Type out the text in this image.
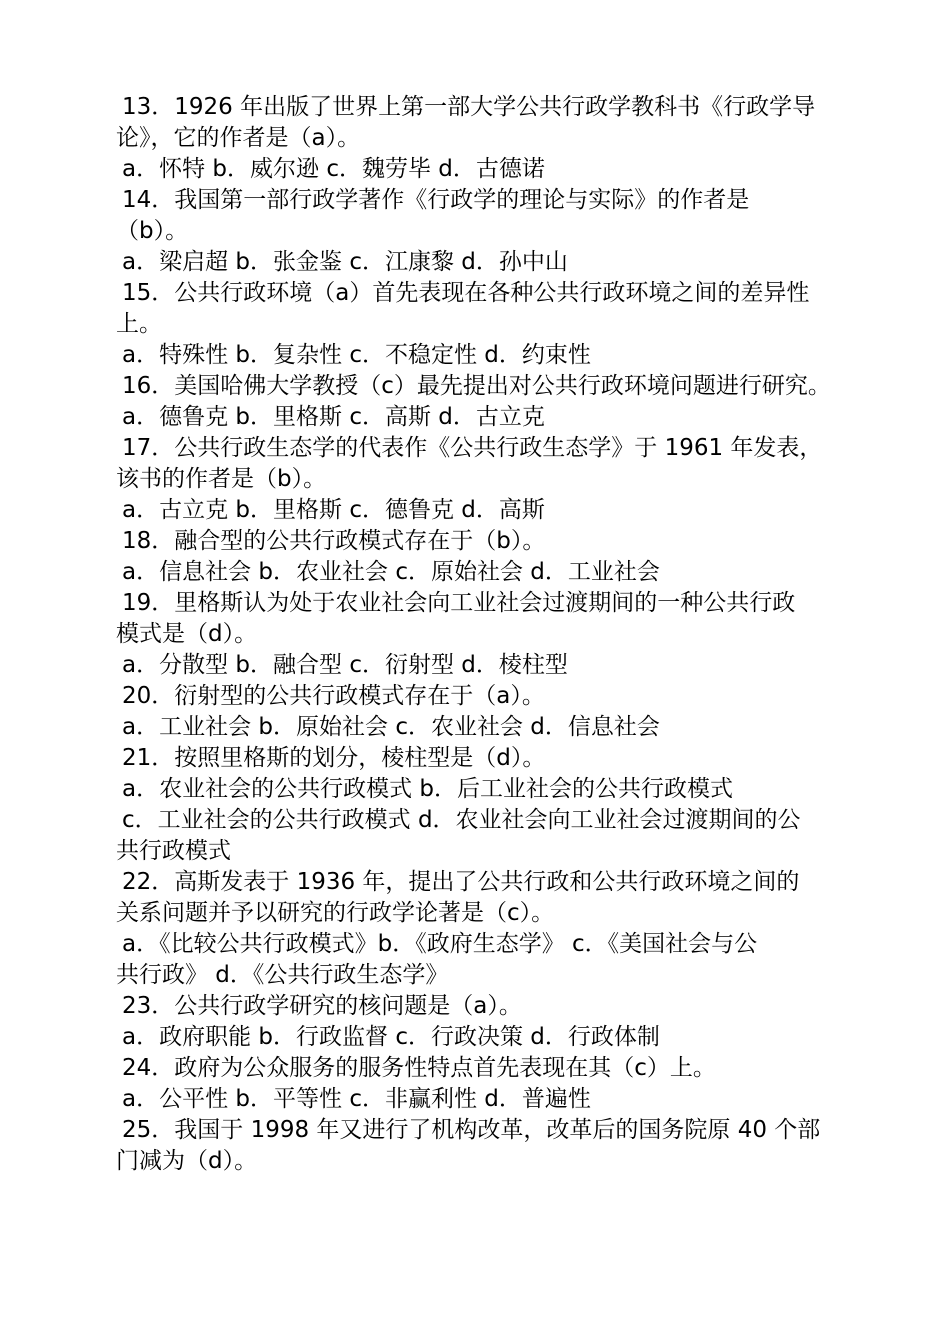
13．1926 年出版了世界上第一部大学公共行政学教科书《行政学导
论》，它的作者是（a）。
a．怀特 b．威尔逊 c．魏劳毕 d．古德诺
14．我国第一部行政学著作《行政学的理论与实际》的作者是
（b）。
a．梁启超 b．张金鉴 c．江康黎 d．孙中山
15．公共行政环境（a）首先表现在各种公共行政环境之间的差异性
上。
a．特殊性 b．复杂性 c．不稳定性 d．约束性
16．美国哈佛大学教授（c）最先提出对公共行政环境问题进行研究。
a．德鲁克 b．里格斯 c．高斯 d．古立克
17．公共行政生态学的代表作《公共行政生态学》于 1961 年发表，
该书的作者是（b）。
a．古立克 b．里格斯 c．德鲁克 d．高斯
18．融合型的公共行政模式存在于（b）。
a．信息社会 b．农业社会 c．原始社会 d．工业社会
19．里格斯认为处于农业社会向工业社会过渡期间的一种公共行政
模式是（d）。
a．分散型 b．融合型 c．衍射型 d．棱柱型
20．衍射型的公共行政模式存在于（a）。
a．工业社会 b．原始社会 c．农业社会 d．信息社会
21．按照里格斯的划分，棱柱型是（d）。
a．农业社会的公共行政模式 b．后工业社会的公共行政模式
c．工业社会的公共行政模式 d．农业社会向工业社会过渡期间的公
共行政模式
22．高斯发表于 1936 年，提出了公共行政和公共行政环境之间的
关系问题并予以研究的行政学论著是（c）。
a．《比较公共行政模式》b．《政府生态学》 c．《美国社会与公
共行政》 d．《公共行政生态学》
23．公共行政学研究的核问题是（a）。
a．政府职能 b．行政监督 c．行政决策 d．行政体制
24．政府为公众服务的服务性特点首先表现在其（c）上。
a．公平性 b．平等性 c．非赢利性 d．普遍性
25．我国于 1998 年又进行了机构改革，改革后的国务院原 40 个部
门减为（d）。
